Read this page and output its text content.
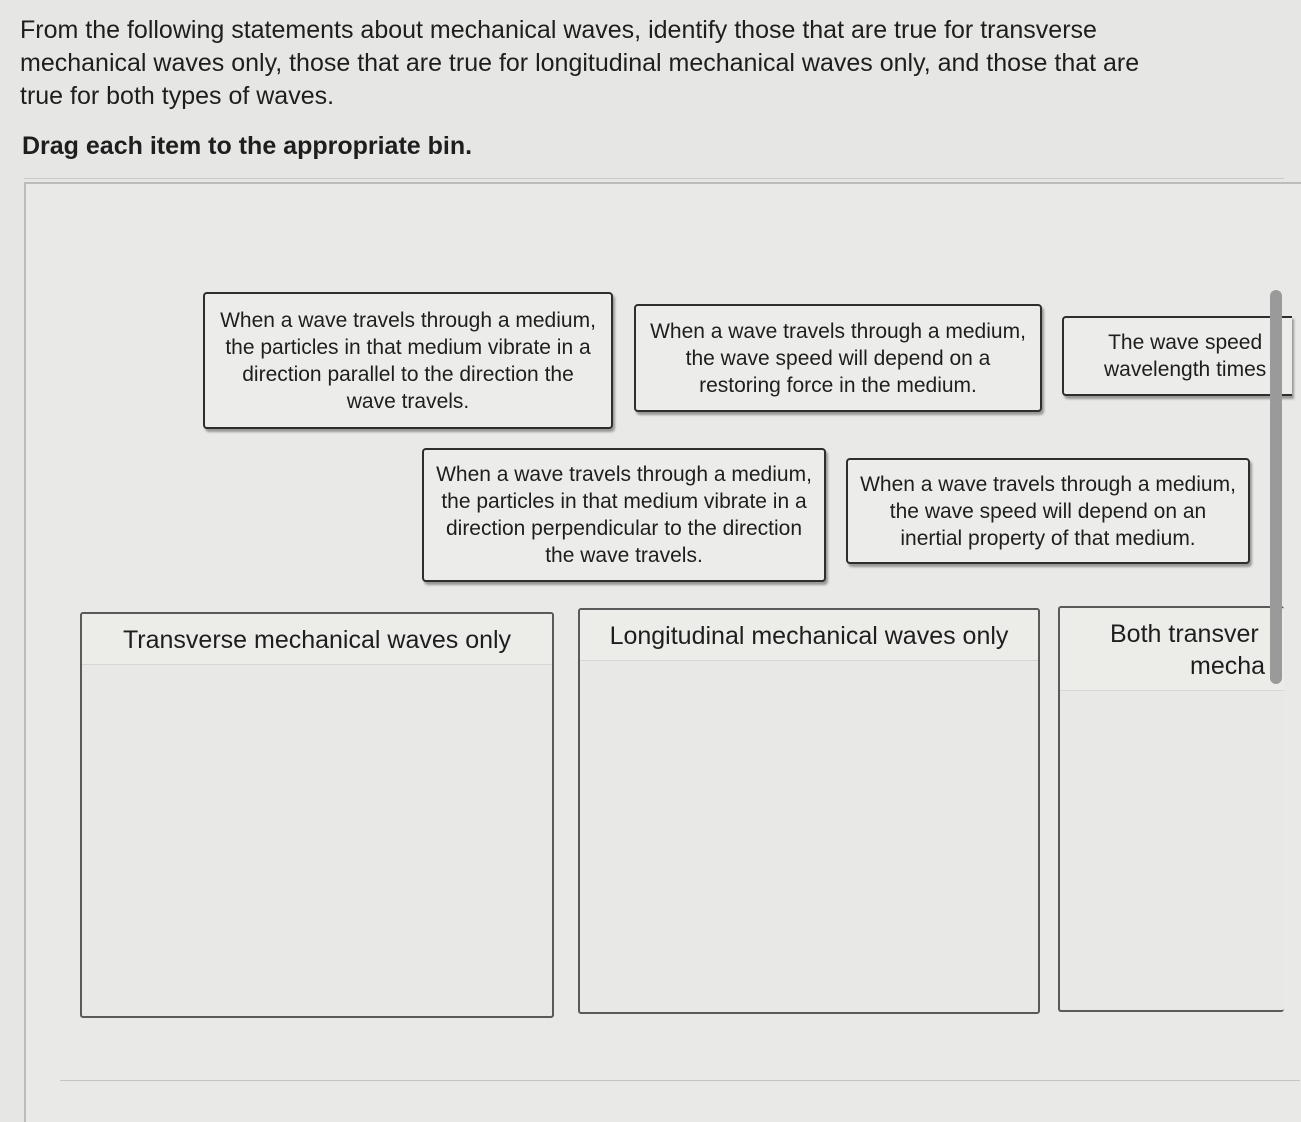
From the following statements about mechanical waves, identify those that are true for transverse mechanical waves only, those that are true for longitudinal mechanical waves only, and those that are true for both types of waves.

Drag each item to the appropriate bin.

When a wave travels through a medium, the particles in that medium vibrate in a direction parallel to the direction the wave travels.
When a wave travels through a medium, the wave speed will depend on a restoring force in the medium.
The wave speed
wavelength times
When a wave travels through a medium, the particles in that medium vibrate in a direction perpendicular to the direction the wave travels.
When a wave travels through a medium, the wave speed will depend on an inertial property of that medium.
Transverse mechanical waves only	Longitudinal mechanical waves only	Both transver
mecha
